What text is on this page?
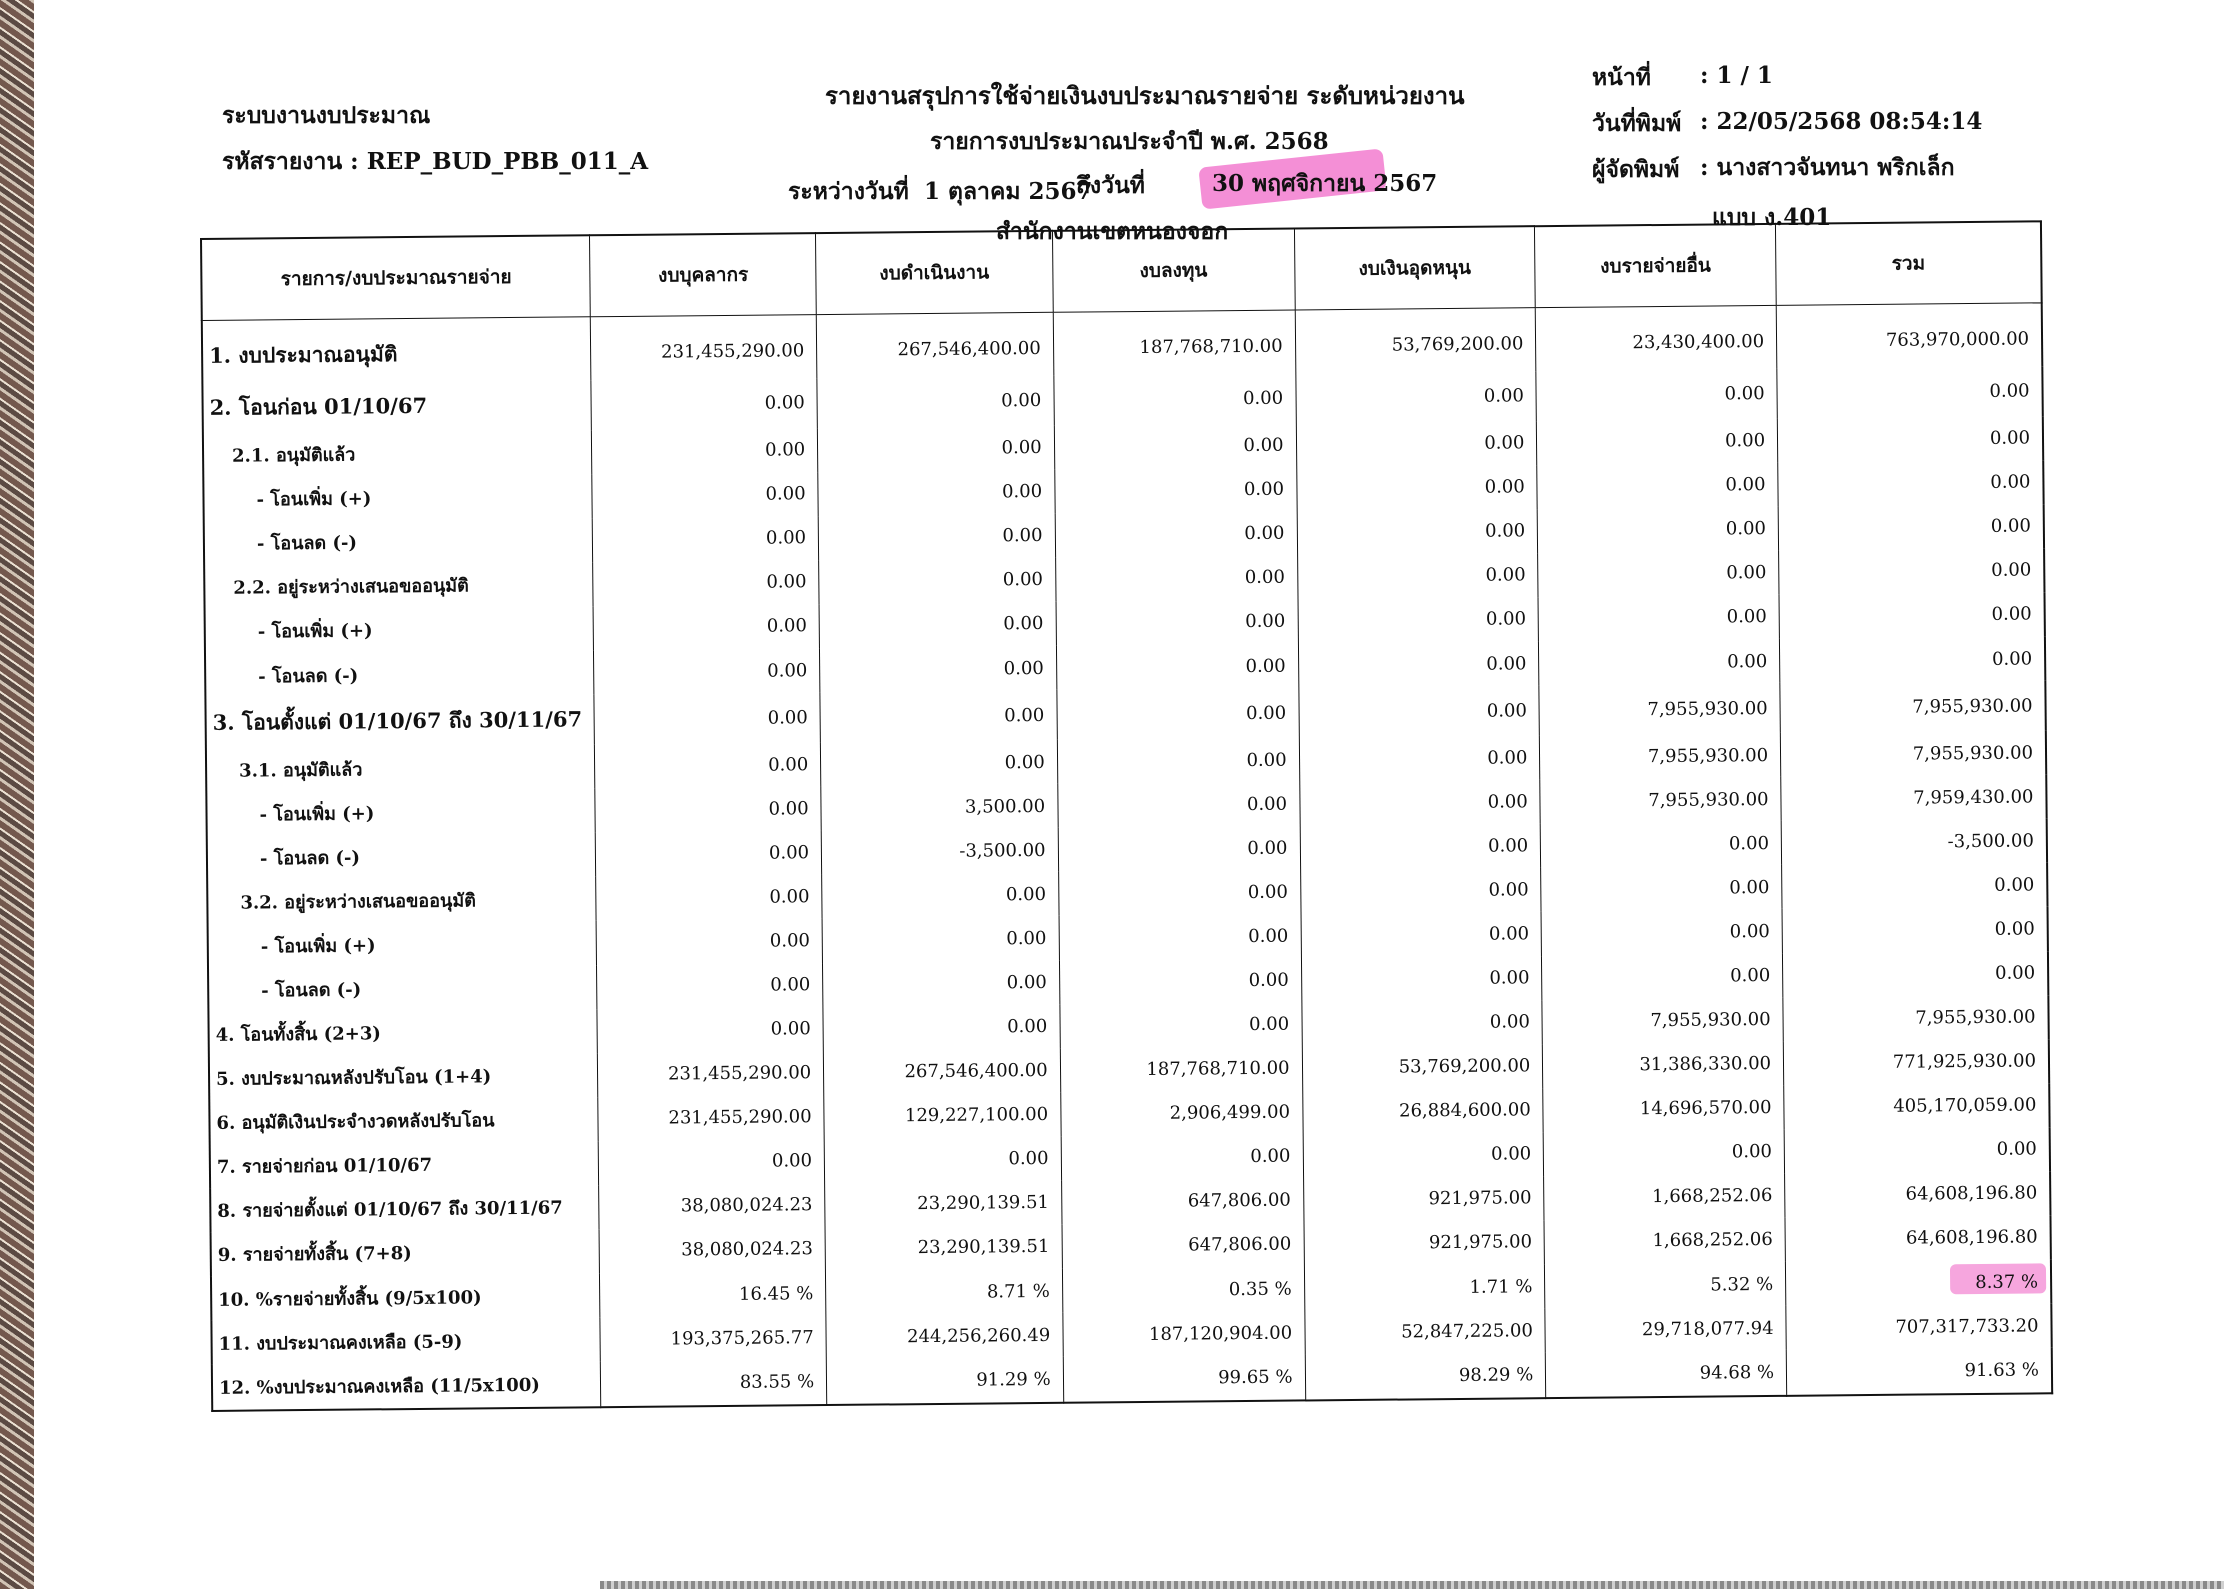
ระบบงานงบประมาณ
รหัสรายงาน : REP_BUD_PBB_011_A
รายงานสรุปการใช้จ่ายเงินงบประมาณรายจ่าย ระดับหน่วยงาน
รายการงบประมาณประจำปี พ.ศ. 2568
ระหว่างวันที่ 1 ตุลาคม 2567
ถึงวันที่	30 พฤศจิกายน 2567
สำนักงานเขตหนองจอก
หน้าที่ : 1 / 1
วันที่พิมพ์ : 22/05/2568 08:54:14
ผู้จัดพิมพ์ : นางสาวจันทนา พริกเล็ก
แบบ ง.401
รายการ/งบประมาณรายจ่าย	งบบุคลากร	งบดำเนินงาน	งบลงทุน	งบเงินอุดหนุน	งบรายจ่ายอื่น	รวม
1. งบประมาณอนุมัติ	231,455,290.00	267,546,400.00	187,768,710.00	53,769,200.00	23,430,400.00	763,970,000.00
2. โอนก่อน 01/10/67	0.00	0.00	0.00	0.00	0.00	0.00
2.1. อนุมัติแล้ว	0.00	0.00	0.00	0.00	0.00	0.00
- โอนเพิ่ม (+)	0.00	0.00	0.00	0.00	0.00	0.00
- โอนลด (-)	0.00	0.00	0.00	0.00	0.00	0.00
2.2. อยู่ระหว่างเสนอขออนุมัติ	0.00	0.00	0.00	0.00	0.00	0.00
- โอนเพิ่ม (+)	0.00	0.00	0.00	0.00	0.00	0.00
- โอนลด (-)	0.00	0.00	0.00	0.00	0.00	0.00
3. โอนตั้งแต่ 01/10/67 ถึง 30/11/67	0.00	0.00	0.00	0.00	7,955,930.00	7,955,930.00
3.1. อนุมัติแล้ว	0.00	0.00	0.00	0.00	7,955,930.00	7,955,930.00
- โอนเพิ่ม (+)	0.00	3,500.00	0.00	0.00	7,955,930.00	7,959,430.00
- โอนลด (-)	0.00	-3,500.00	0.00	0.00	0.00	-3,500.00
3.2. อยู่ระหว่างเสนอขออนุมัติ	0.00	0.00	0.00	0.00	0.00	0.00
- โอนเพิ่ม (+)	0.00	0.00	0.00	0.00	0.00	0.00
- โอนลด (-)	0.00	0.00	0.00	0.00	0.00	0.00
4. โอนทั้งสิ้น (2+3)	0.00	0.00	0.00	0.00	7,955,930.00	7,955,930.00
5. งบประมาณหลังปรับโอน (1+4)	231,455,290.00	267,546,400.00	187,768,710.00	53,769,200.00	31,386,330.00	771,925,930.00
6. อนุมัติเงินประจำงวดหลังปรับโอน	231,455,290.00	129,227,100.00	2,906,499.00	26,884,600.00	14,696,570.00	405,170,059.00
7. รายจ่ายก่อน 01/10/67	0.00	0.00	0.00	0.00	0.00	0.00
8. รายจ่ายตั้งแต่ 01/10/67 ถึง 30/11/67	38,080,024.23	23,290,139.51	647,806.00	921,975.00	1,668,252.06	64,608,196.80
9. รายจ่ายทั้งสิ้น (7+8)	38,080,024.23	23,290,139.51	647,806.00	921,975.00	1,668,252.06	64,608,196.80
10. %รายจ่ายทั้งสิ้น (9/5x100)	16.45 %	8.71 %	0.35 %	1.71 %	5.32 %	8.37 %
11. งบประมาณคงเหลือ (5-9)	193,375,265.77	244,256,260.49	187,120,904.00	52,847,225.00	29,718,077.94	707,317,733.20
12. %งบประมาณคงเหลือ (11/5x100)	83.55 %	91.29 %	99.65 %	98.29 %	94.68 %	91.63 %
